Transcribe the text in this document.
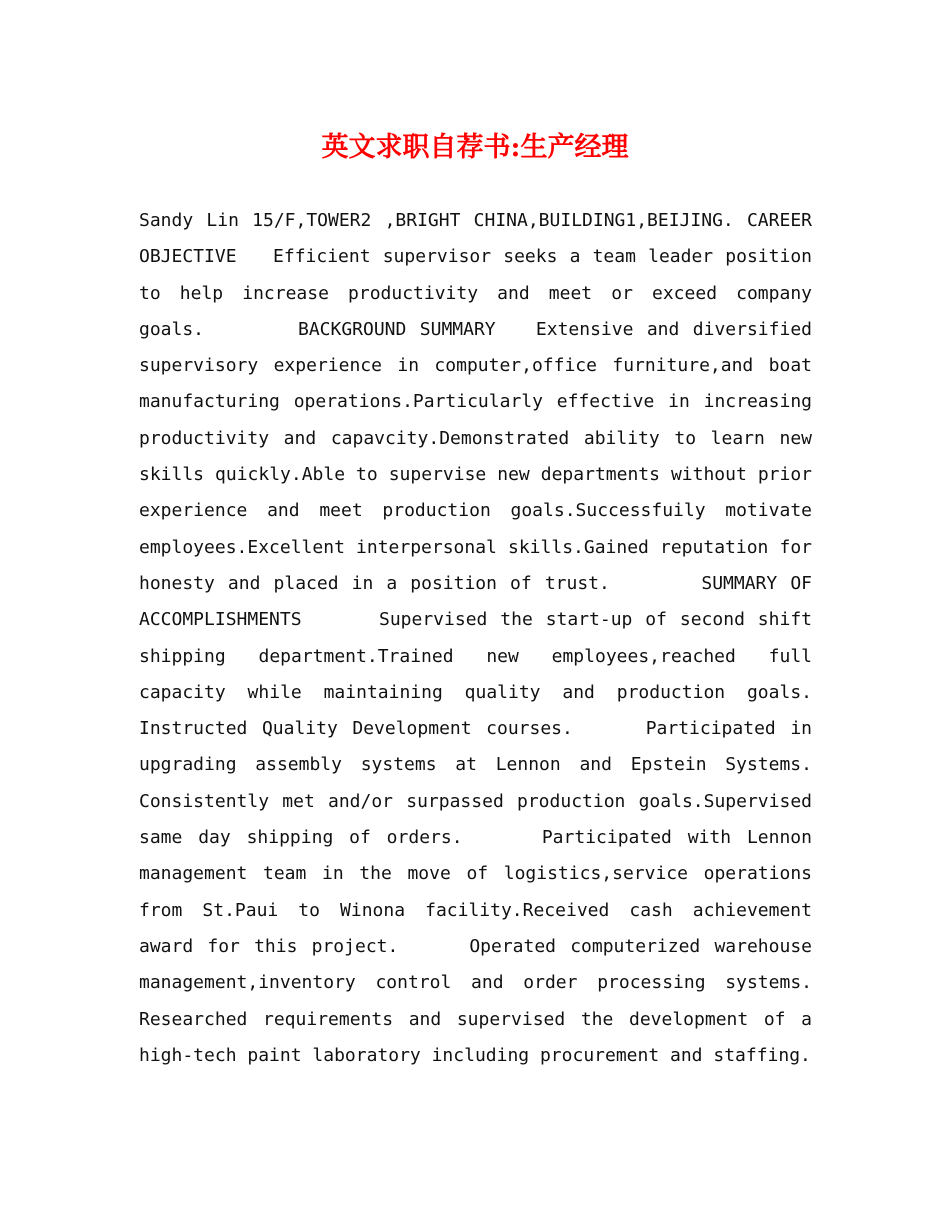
英文求职自荐书:生产经理

Sandy Lin 15/F,TOWER2 ,BRIGHT CHINA,BUILDING1,BEIJING. CAREER OBJECTIVE   Efficient supervisor seeks a team leader position to help increase productivity and meet or exceed company goals.       BACKGROUND SUMMARY   Extensive and diversified supervisory experience in computer,office furniture,and boat manufacturing operations.Particularly effective in increasing productivity and capavcity.Demonstrated ability to learn new skills quickly.Able to supervise new departments without prior experience and meet production goals.Successfuily motivate employees.Excellent interpersonal skills.Gained reputation for honesty and placed in a position of trust.       SUMMARY OF ACCOMPLISHMENTS      Supervised the start-up of second shift shipping department.Trained new employees,reached full capacity while maintaining quality and production goals.  Instructed Quality Development courses.     Participated in upgrading assembly systems at Lennon and Epstein Systems.  Consistently met and/or surpassed production goals.Supervised same day shipping of orders.     Participated with Lennon management team in the move of logistics,service operations from St.Paui to Winona facility.Received cash achievement award for this project.     Operated computerized warehouse management,inventory control and order processing systems.  Researched requirements and supervised the development of a high-tech paint laboratory including procurement and staffing.
